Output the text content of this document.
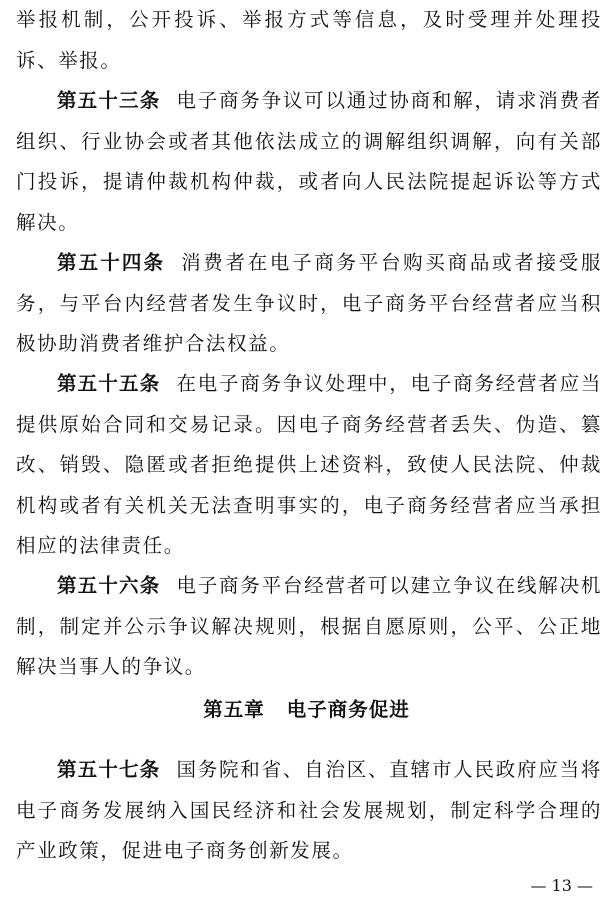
举报机制，公开投诉、举报方式等信息，及时受理并处理投诉、举报。

第五十三条 电子商务争议可以通过协商和解，请求消费者组织、行业协会或者其他依法成立的调解组织调解，向有关部门投诉，提请仲裁机构仲裁，或者向人民法院提起诉讼等方式解决。

第五十四条 消费者在电子商务平台购买商品或者接受服务，与平台内经营者发生争议时，电子商务平台经营者应当积极协助消费者维护合法权益。

第五十五条 在电子商务争议处理中，电子商务经营者应当提供原始合同和交易记录。因电子商务经营者丢失、伪造、篡改、销毁、隐匿或者拒绝提供上述资料，致使人民法院、仲裁机构或者有关机关无法查明事实的，电子商务经营者应当承担相应的法律责任。

第五十六条 电子商务平台经营者可以建立争议在线解决机制，制定并公示争议解决规则，根据自愿原则，公平、公正地解决当事人的争议。

第五章 电子商务促进

第五十七条 国务院和省、自治区、直辖市人民政府应当将电子商务发展纳入国民经济和社会发展规划，制定科学合理的产业政策，促进电子商务创新发展。

— 13 —
